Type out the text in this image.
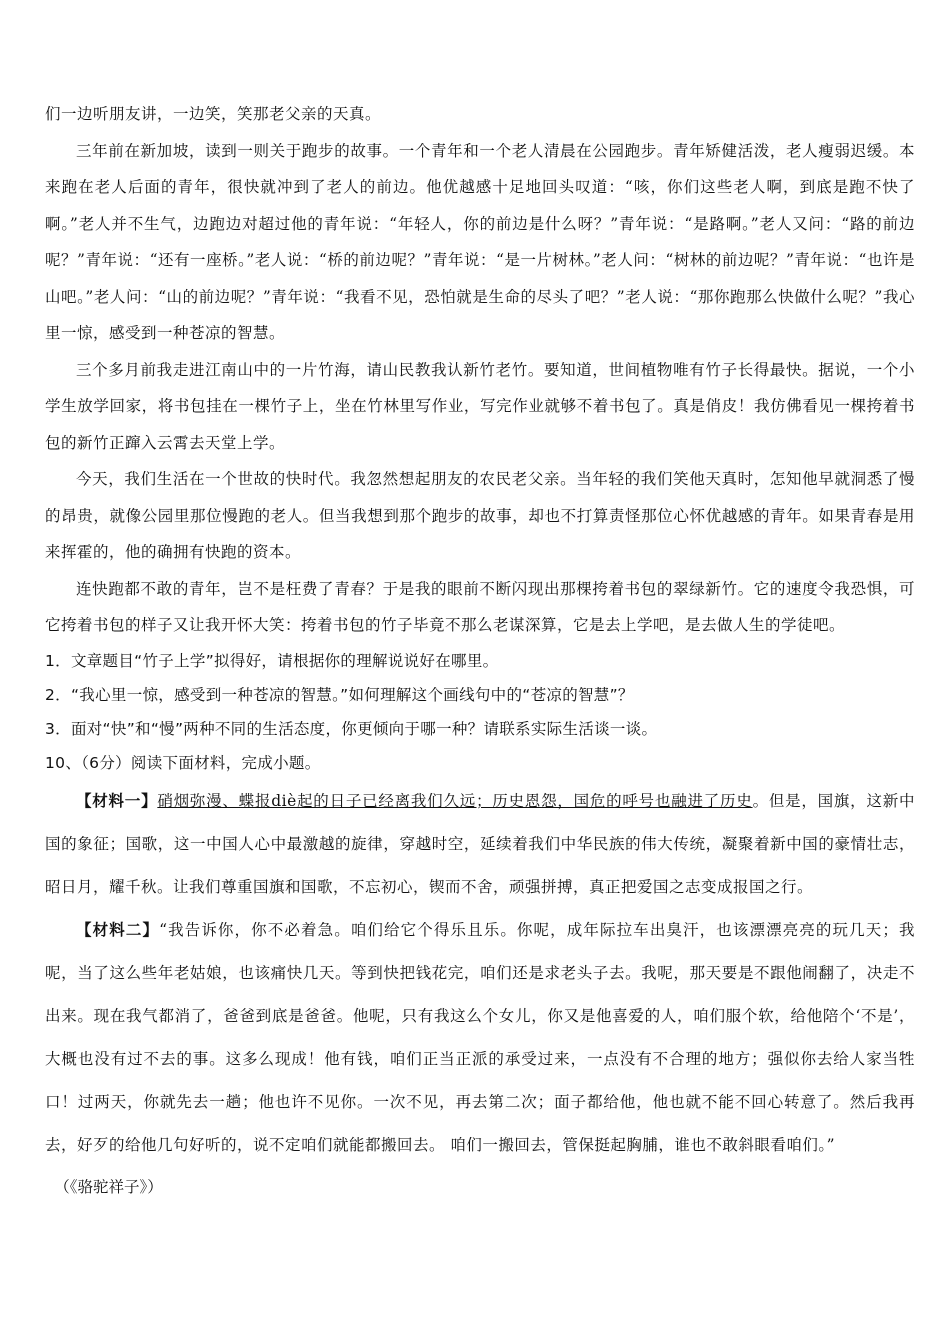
们一边听朋友讲，一边笑，笑那老父亲的天真。

三年前在新加坡，读到一则关于跑步的故事。一个青年和一个老人清晨在公园跑步。青年矫健活泼，老人瘦弱迟缓。本来跑在老人后面的青年，很快就冲到了老人的前边。他优越感十足地回头叹道：“咳，你们这些老人啊，到底是跑不快了啊。”老人并不生气，边跑边对超过他的青年说：“年轻人，你的前边是什么呀？”青年说：“是路啊。”老人又问：“路的前边呢？”青年说：“还有一座桥。”老人说：“桥的前边呢？”青年说：“是一片树林。”老人问：“树林的前边呢？”青年说：“也许是山吧。”老人问：“山的前边呢？”青年说：“我看不见，恐怕就是生命的尽头了吧？”老人说：“那你跑那么快做什么呢？”我心里一惊，感受到一种苍凉的智慧。

三个多月前我走进江南山中的一片竹海，请山民教我认新竹老竹。要知道，世间植物唯有竹子长得最快。据说，一个小学生放学回家，将书包挂在一棵竹子上，坐在竹林里写作业，写完作业就够不着书包了。真是俏皮！我仿佛看见一棵挎着书包的新竹正蹿入云霄去天堂上学。

今天，我们生活在一个世故的快时代。我忽然想起朋友的农民老父亲。当年轻的我们笑他天真时，怎知他早就洞悉了慢的昂贵，就像公园里那位慢跑的老人。但当我想到那个跑步的故事，却也不打算责怪那位心怀优越感的青年。如果青春是用来挥霍的，他的确拥有快跑的资本。

连快跑都不敢的青年，岂不是枉费了青春？于是我的眼前不断闪现出那棵挎着书包的翠绿新竹。它的速度令我恐惧，可它挎着书包的样子又让我开怀大笑：挎着书包的竹子毕竟不那么老谋深算，它是去上学吧，是去做人生的学徒吧。

1．文章题目“竹子上学”拟得好，请根据你的理解说说好在哪里。

2．“我心里一惊，感受到一种苍凉的智慧。”如何理解这个画线句中的“苍凉的智慧”？

3．面对“快”和“慢”两种不同的生活态度，你更倾向于哪一种？请联系实际生活谈一谈。

10、（6分）阅读下面材料，完成小题。

【材料一】硝烟弥漫、蝶报diè起的日子已经离我们久远；历史恩怨，国危的呼号也融进了历史。但是，国旗，这新中国的象征；国歌，这一中国人心中最激越的旋律，穿越时空，延续着我们中华民族的伟大传统，凝聚着新中国的豪情壮志，昭日月，耀千秋。让我们尊重国旗和国歌，不忘初心，锲而不舍，顽强拼搏，真正把爱国之志变成报国之行。

【材料二】“我告诉你，你不必着急。咱们给它个得乐且乐。你呢，成年际拉车出臭汗，也该漂漂亮亮的玩几天；我呢，当了这么些年老姑娘，也该痛快几天。等到快把钱花完，咱们还是求老头子去。我呢，那天要是不跟他闹翻了，决走不出来。现在我气都消了，爸爸到底是爸爸。他呢，只有我这么个女儿，你又是他喜爱的人，咱们服个软，给他陪个‘不是’，大概也没有过不去的事。这多么现成！他有钱，咱们正当正派的承受过来，一点没有不合理的地方；强似你去给人家当牲口！过两天，你就先去一趟；他也许不见你。一次不见，再去第二次；面子都给他，他也就不能不回心转意了。然后我再去，好歹的给他几句好听的，说不定咱们就能都搬回去。 咱们一搬回去，管保挺起胸脯，谁也不敢斜眼看咱们。”

（《骆驼祥子》）
